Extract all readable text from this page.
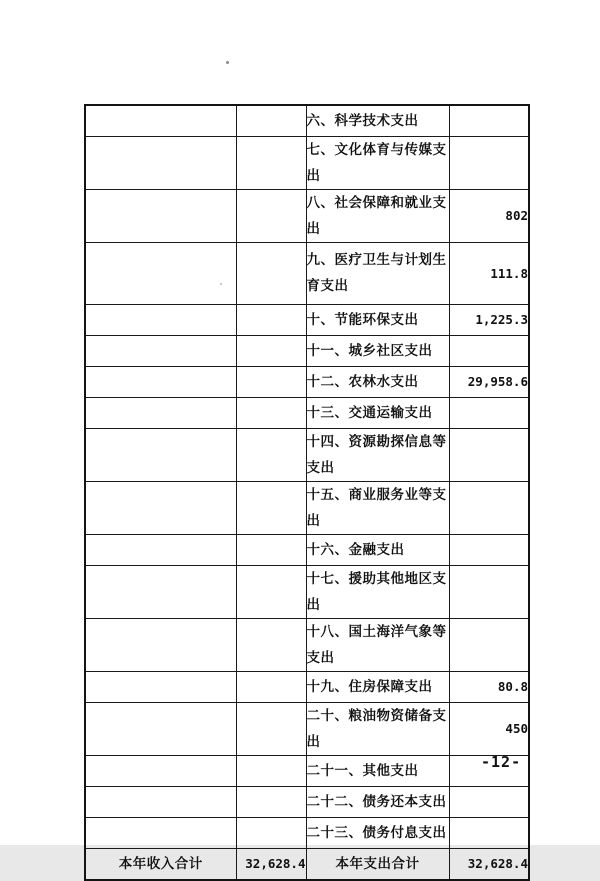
		六、科学技术支出	
		七、文化体育与传媒支出	
		八、社会保障和就业支出	802
		九、医疗卫生与计划生育支出	111.8
		十、节能环保支出	1,225.3
		十一、城乡社区支出	
		十二、农林水支出	29,958.6
		十三、交通运输支出	
		十四、资源勘探信息等支出	
		十五、商业服务业等支出	
		十六、金融支出	
		十七、援助其他地区支出	
		十八、国土海洋气象等支出	
		十九、住房保障支出	80.8
		二十、粮油物资储备支出	450
		二十一、其他支出	
		二十二、债务还本支出	
		二十三、债务付息支出	
本年收入合计	32,628.4	本年支出合计	32,628.4
-12-
